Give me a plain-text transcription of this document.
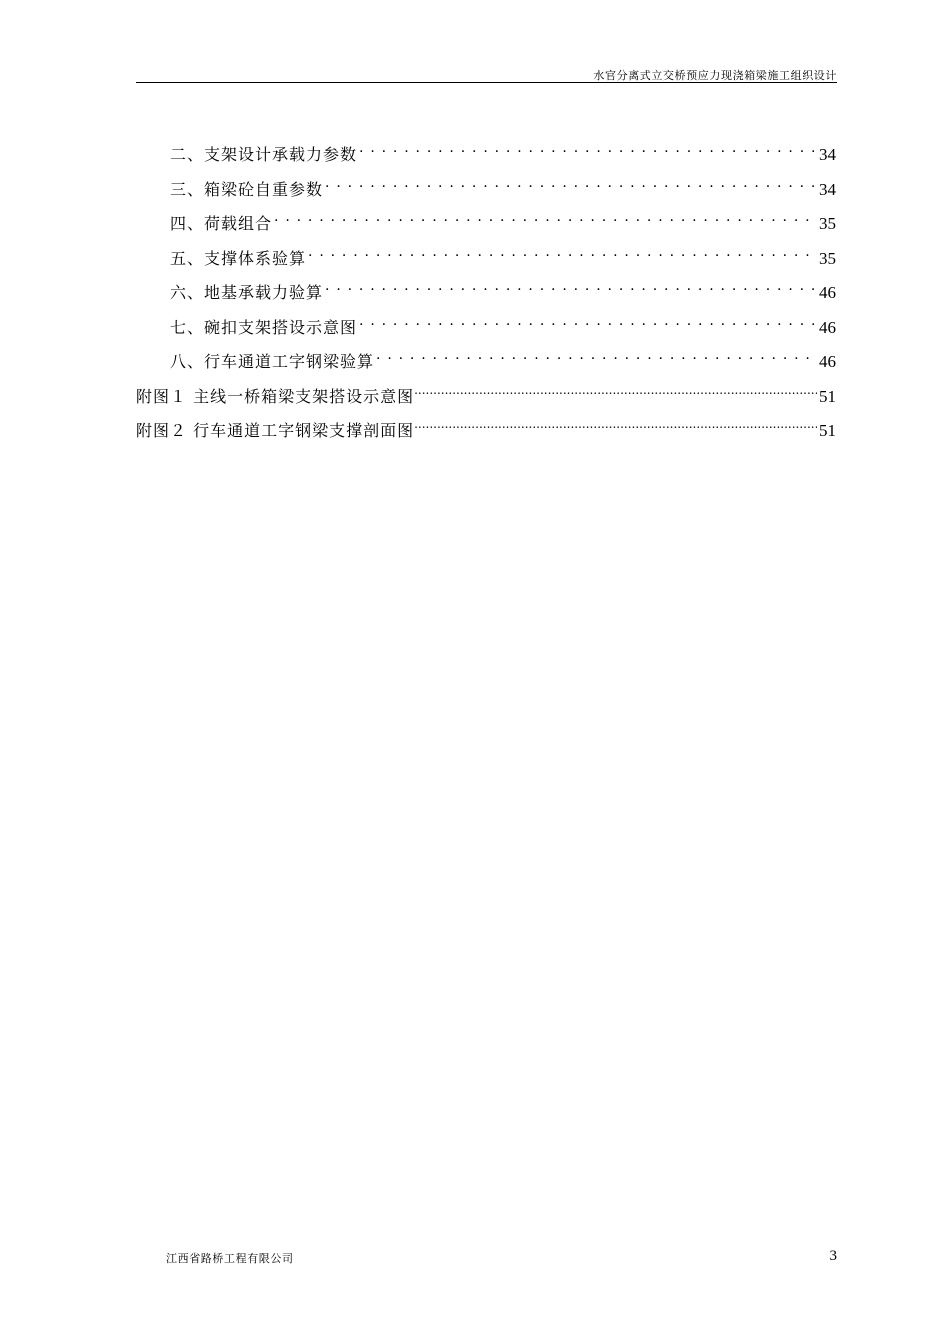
水官分离式立交桥预应力现浇箱梁施工组织设计
二、支架设计承载力参数 . . .	34
三、箱梁砼自重参数 . . .	34
四、荷载组合 . . .	35
五、支撑体系验算 . . .	35
六、地基承载力验算 . . .	46
七、碗扣支架搭设示意图 . . .	46
八、行车通道工字钢梁验算 . . .	46
附图１ 主线一桥箱梁支架搭设示意图 .....	51
附图２ 行车通道工字钢梁支撑剖面图 .....	51
江西省路桥工程有限公司	3
